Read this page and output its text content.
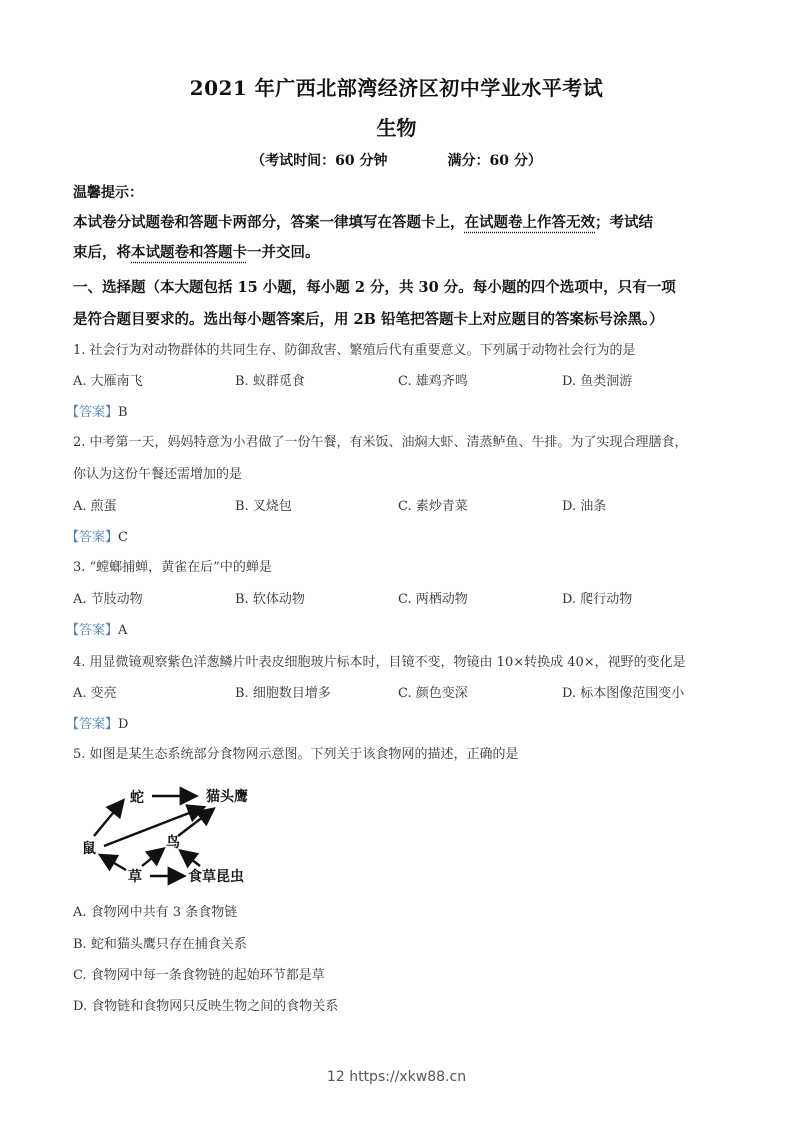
2021 年广西北部湾经济区初中学业水平考试
生物
（考试时间：60 分钟	满分：60 分）
温馨提示：
本试卷分试题卷和答题卡两部分，答案一律填写在答题卡上，在试题卷上作答无效；考试结
束后，将本试题卷和答题卡一并交回。
一、选择题（本大题包括 15 小题，每小题 2 分，共 30 分。每小题的四个选项中，只有一项
是符合题目要求的。选出每小题答案后，用 2B 铅笔把答题卡上对应题目的答案标号涂黑。）
1. 社会行为对动物群体的共同生存、防御敌害、繁殖后代有重要意义。下列属于动物社会行为的是
A. 大雁南飞	B. 蚁群觅食	C. 雄鸡齐鸣	D. 鱼类洄游
【答案】B
2. 中考第一天，妈妈特意为小君做了一份午餐，有米饭、油焖大虾、清蒸鲈鱼、牛排。为了实现合理膳食，
你认为这份午餐还需增加的是
A. 煎蛋	B. 叉烧包	C. 素炒青菜	D. 油条
【答案】C
3. “螳螂捕蝉，黄雀在后”中的蝉是
A. 节肢动物	B. 软体动物	C. 两栖动物	D. 爬行动物
【答案】A
4. 用显微镜观察紫色洋葱鳞片叶表皮细胞玻片标本时，目镜不变，物镜由 10×转换成 40×，视野的变化是
A. 变亮	B. 细胞数目增多	C. 颜色变深	D. 标本图像范围变小
【答案】D
5. 如图是某生态系统部分食物网示意图。下列关于该食物网的描述，正确的是
蛇	猫头鹰
鼠	鸟
草	食草昆虫
A. 食物网中共有 3 条食物链
B. 蛇和猫头鹰只存在捕食关系
C. 食物网中每一条食物链的起始环节都是草
D. 食物链和食物网只反映生物之间的食物关系
12 https://xkw88.cn
